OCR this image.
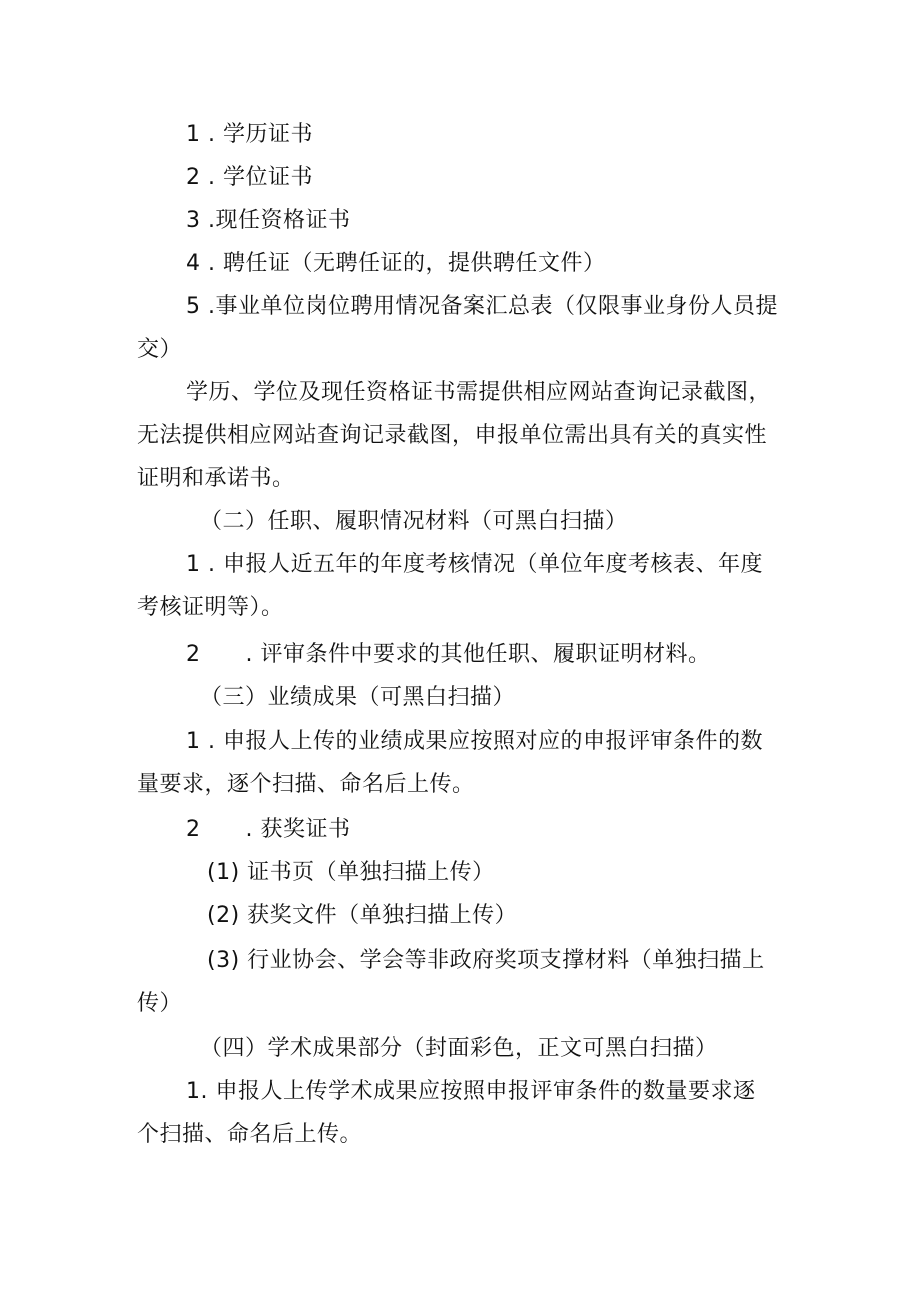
1 . 学历证书
2 . 学位证书
3 .现任资格证书
4 . 聘任证（无聘任证的，提供聘任文件）
5 .事业单位岗位聘用情况备案汇总表（仅限事业身份人员提
交）
学历、学位及现任资格证书需提供相应网站查询记录截图，
无法提供相应网站查询记录截图，申报单位需出具有关的真实性
证明和承诺书。
（二）任职、履职情况材料（可黑白扫描）
1 . 申报人近五年的年度考核情况（单位年度考核表、年度
考核证明等）。
2　　. 评审条件中要求的其他任职、履职证明材料。
（三）业绩成果（可黑白扫描）
1 . 申报人上传的业绩成果应按照对应的申报评审条件的数
量要求，逐个扫描、命名后上传。
2　　. 获奖证书
(1) 证书页（单独扫描上传）
(2) 获奖文件（单独扫描上传）
(3) 行业协会、学会等非政府奖项支撑材料（单独扫描上
传）
（四）学术成果部分（封面彩色，正文可黑白扫描）
1. 申报人上传学术成果应按照申报评审条件的数量要求逐
个扫描、命名后上传。
